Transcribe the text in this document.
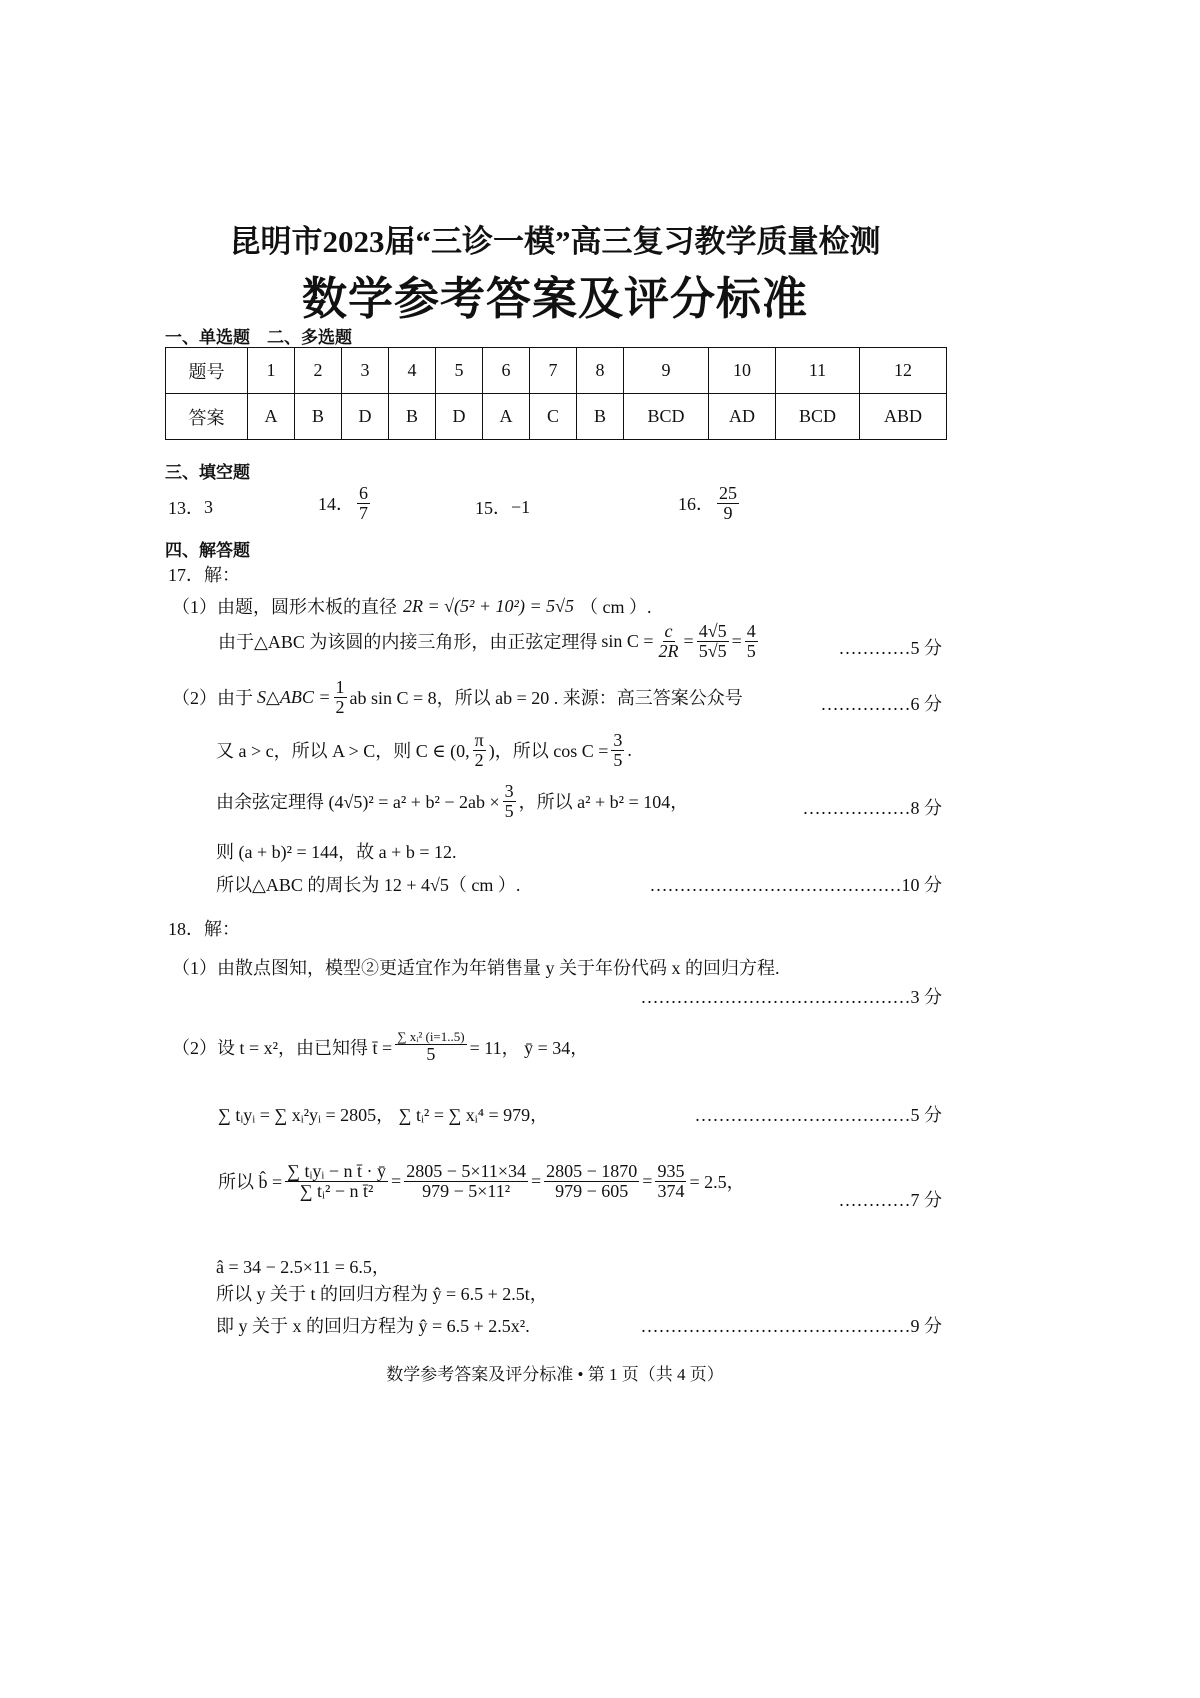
昆明市2023届“三诊一模”高三复习教学质量检测
数学参考答案及评分标准
一、单选题　二、多选题
题号	1	2	3	4	5	6	7	8	9	10	11	12
答案	A	B	D	B	D	A	C	B	BCD	AD	BCD	ABD
三、填空题
13． 3	14． $\frac{6}{7}$	15． −1	16． $\frac{25}{9}$
四、解答题
17．解：
（1）由题，圆形木板的直径 2R = √(5² + 10²) = 5√5 （ cm ）.
由于△ABC 为该圆的内接三角形，由正弦定理得 $\sin C = \frac{c}{2R} = \frac{4√5}{5√5} = \frac{4}{5}$	…………5 分
（2）由于 S△ABC = $\frac{1}{2}$ ab sin C = 8，所以 ab = 20 . 来源：高三答案公众号	……………6 分
又 a > c，所以 A > C，则 C ∈ (0, $\frac{\pi}{2}$ )，所以 $\cos C = \frac{3}{5}$ .
由余弦定理得 $(4√5)^2 = a^2 + b^2 - 2ab \times \frac{3}{5}$ ，所以 a² + b² = 104，	………………8 分
则 (a + b)² = 144，故 a + b = 12.
所以△ABC 的周长为 12 + 4√5（ cm ）.	……………………………………10 分
18．解：
（1）由散点图知，模型②更适宜作为年销售量 y 关于年份代码 x 的回归方程.
………………………………………3 分
（2）设 t = x²，由已知得 t̄ = $\frac{\text{∑ xᵢ² (i=1..5)}}{5} = 11$， ȳ = 34，
∑ tᵢyᵢ = ∑ xᵢ²yᵢ = 2805， ∑ tᵢ² = ∑ xᵢ⁴ = 979，	………………………………5 分
所以 b̂ = $\frac{\text{∑ tᵢyᵢ − n t̄ · ȳ}}{\text{∑ tᵢ² − n t̄²}} = \frac{2805 - 5\times 11\times 34}{\text{979 − 5×11²}} = \frac{2805 - 1870}{979 - 605} = \frac{935}{374} = 2.5$，
…………7 分
â = 34 − 2.5×11 = 6.5，
所以 y 关于 t 的回归方程为 ŷ = 6.5 + 2.5t，
即 y 关于 x 的回归方程为 ŷ = 6.5 + 2.5x².	………………………………………9 分
数学参考答案及评分标准 • 第 1 页（共 4 页）
